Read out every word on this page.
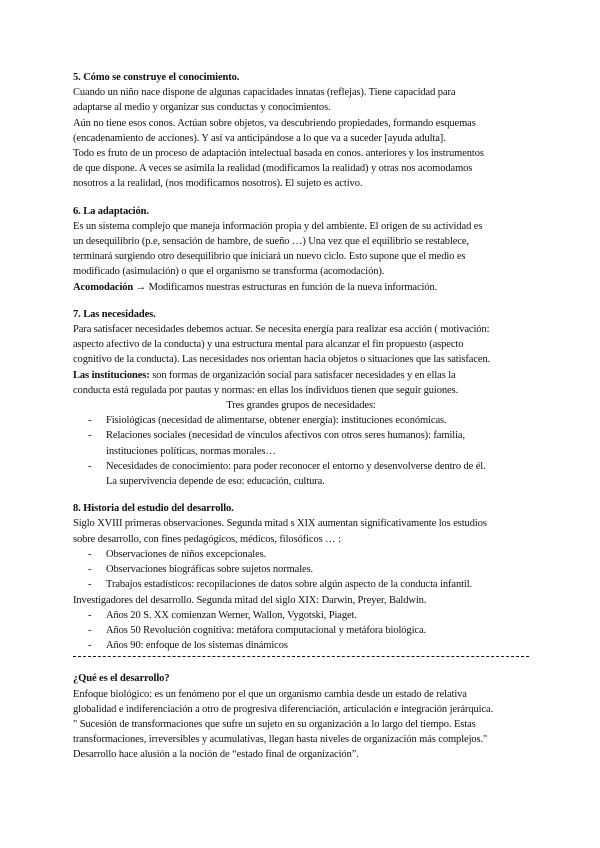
5. Cómo se construye el conocimiento.

Cuando un niño nace dispone de algunas capacidades innatas (reflejas). Tiene capacidad para

adaptarse al medio y organizar sus conductas y conocimientos.

Aún no tiene esos conos. Actúan sobre objetos, va descubriendo propiedades, formando esquemas

(encadenamiento de acciones). Y así va anticipándose a lo que va a suceder [ayuda adulta].

Todo es fruto de un proceso de adaptación intelectual basada en conos. anteriores y los instrumentos

de que dispone. A veces se asimila la realidad (modificamos la realidad) y otras nos acomodamos

nosotros a la realidad, (nos modificamos nosotros). El sujeto es activo.

6. La adaptación.

Es un sistema complejo que maneja información propia y del ambiente. El origen de su actividad es

un desequilibrio (p.e, sensación de hambre, de sueño …) Una vez que el equilibrio se restablece,

terminará surgiendo otro desequilibrio que iniciará un nuevo ciclo. Esto supone que el medio es

modificado (asimulación) o que el organismo se transforma (acomodación).

Acomodación → Modificamos nuestras estructuras en función de la nueva información.

7. Las necesidades.

Para satisfacer necesidades debemos actuar. Se necesita energía para realizar esa acción ( motivación:

aspecto afectivo de la conducta) y una estructura mental para alcanzar el fin propuesto (aspecto

cognitivo de la conducta). Las necesidades nos orientan hacia objetos o situaciones que las satisfacen.

Las instituciones: son formas de organización social para satisfacer necesidades y en ellas la

conducta está regulada por pautas y normas: en ellas los individuos tienen que seguir guiones.

Tres grandes grupos de necesidades:

- Fisiológicas (necesidad de alimentarse, obtener energía): instituciones económicas.
- Relaciones sociales (necesidad de vínculos afectivos con otros seres humanos): familia,
instituciones políticas, normas morales…
- Necesidades de conocimiento: para poder reconocer el entorno y desenvolverse dentro de él.
La supervivencia depende de eso: educación, cultura.

8. Historia del estudio del desarrollo.

Siglo XVIII primeras observaciones. Segunda mitad s XIX aumentan significativamente los estudios

sobre desarrollo, con fines pedagógicos, médicos, filosóficos … :

- Observaciones de niños excepcionales.
- Observaciones biográficas sobre sujetos normales.
- Trabajos estadísticos: recopilaciones de datos sobre algún aspecto de la conducta infantil.

Investigadores del desarrollo. Segunda mitad del siglo XIX: Darwin, Preyer, Baldwin.

- Años 20 S. XX comienzan Werner, Wallon, Vygotski, Piaget.
- Años 50 Revolución cognitiva: metáfora computacional y metáfora biológica.
- Años 90: enfoque de los sistemas dinámicos

¿Qué es el desarrollo?

Enfoque biológico: es un fenómeno por el que un organismo cambia desde un estado de relativa

globalidad e indiferenciación a otro de progresiva diferenciación, articulación e integración jerárquica.

" Sucesión de transformaciones que sufre un sujeto en su organización a lo largo del tiempo. Estas

transformaciones, irreversibles y acumulativas, llegan hasta niveles de organización más complejos."

Desarrollo hace alusión a la noción de “estado final de organización”.
